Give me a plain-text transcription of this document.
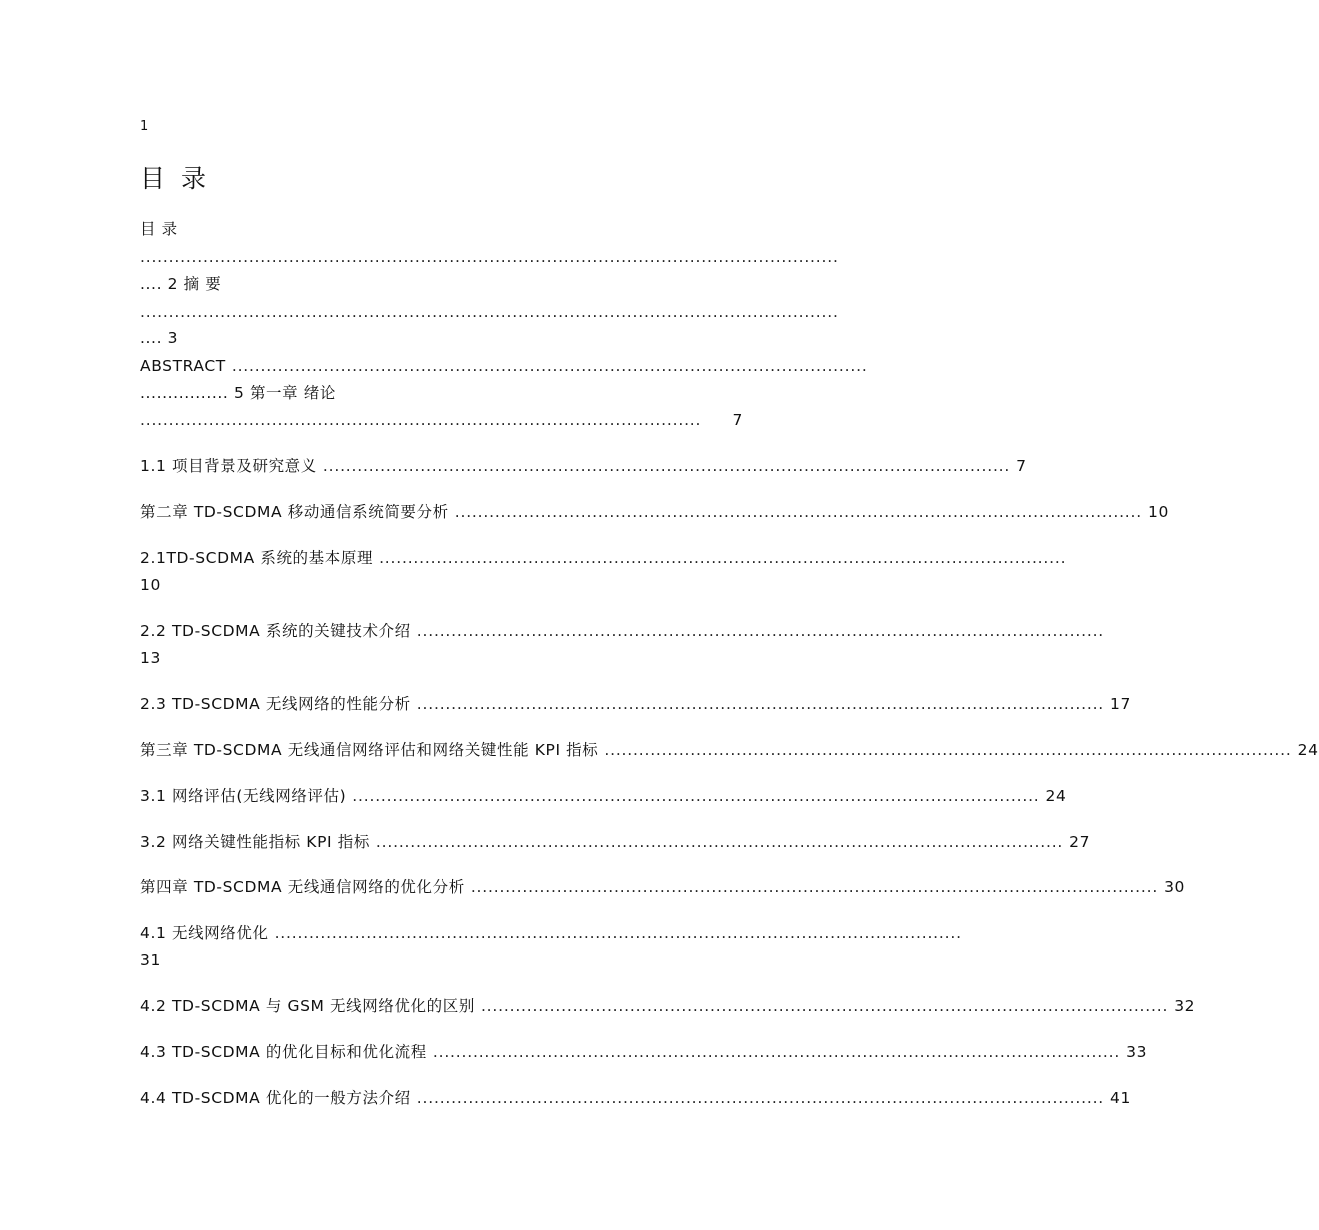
1
目 录
目 录
..........................................................................................................................
.... 2 摘 要
..........................................................................................................................
.... 3
ABSTRACT ...............................................................................................................
................ 5 第一章 绪论
..................................................................................................	7
1.1 项目背景及研究意义 ........................................................................................................................ 7
第二章 TD-SCDMA 移动通信系统简要分析 ........................................................................................................................ 10
2.1TD-SCDMA 系统的基本原理 ........................................................................................................................
10
2.2 TD-SCDMA 系统的关键技术介绍 ........................................................................................................................
13
2.3 TD-SCDMA 无线网络的性能分析 ........................................................................................................................ 17
第三章 TD-SCDMA 无线通信网络评估和网络关键性能 KPI 指标 ........................................................................................................................ 24
3.1 网络评估(无线网络评估) ........................................................................................................................ 24
3.2 网络关键性能指标 KPI 指标 ........................................................................................................................ 27
第四章 TD-SCDMA 无线通信网络的优化分析 ........................................................................................................................ 30
4.1 无线网络优化 ........................................................................................................................
31
4.2 TD-SCDMA 与 GSM 无线网络优化的区别 ........................................................................................................................ 32
4.3 TD-SCDMA 的优化目标和优化流程 ........................................................................................................................ 33
4.4 TD-SCDMA 优化的一般方法介绍 ........................................................................................................................ 41
